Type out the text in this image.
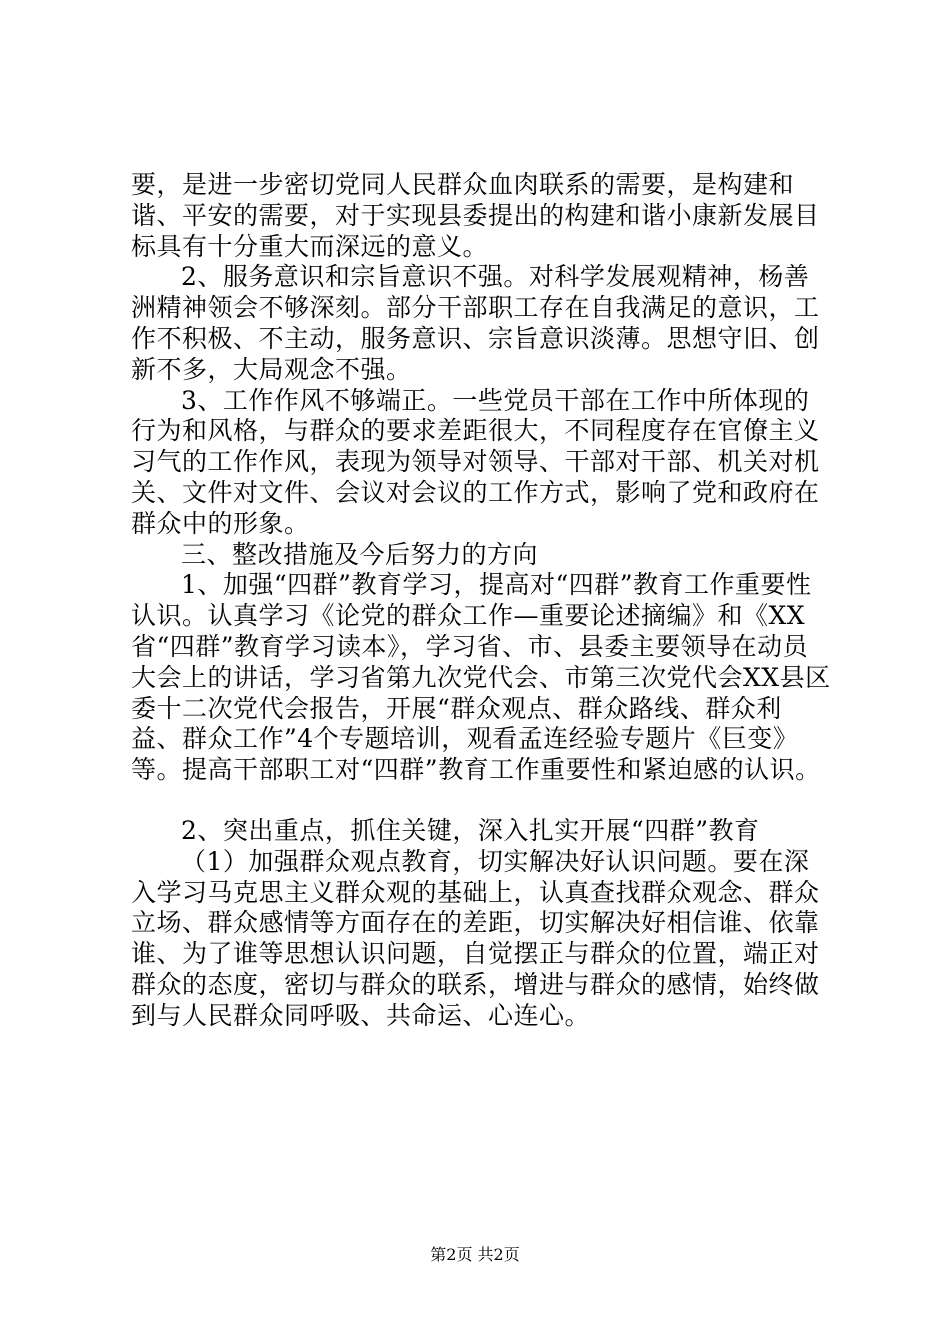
要，是进一步密切党同人民群众血肉联系的需要，是构建和谐、平安的需要，对于实现县委提出的构建和谐小康新发展目标具有十分重大而深远的意义。

2、服务意识和宗旨意识不强。对科学发展观精神，杨善洲精神领会不够深刻。部分干部职工存在自我满足的意识，工作不积极、不主动，服务意识、宗旨意识淡薄。思想守旧、创新不多，大局观念不强。

3、工作作风不够端正。一些党员干部在工作中所体现的行为和风格，与群众的要求差距很大，不同程度存在官僚主义习气的工作作风，表现为领导对领导、干部对干部、机关对机关、文件对文件、会议对会议的工作方式，影响了党和政府在群众中的形象。

三、整改措施及今后努力的方向

1、加强“四群”教育学习，提高对“四群”教育工作重要性认识。认真学习《论党的群众工作—重要论述摘编》和《XX省“四群”教育学习读本》，学习省、市、县委主要领导在动员大会上的讲话，学习省第九次党代会、市第三次党代会XX县区委十二次党代会报告，开展“群众观点、群众路线、群众利益、群众工作”4个专题培训，观看孟连经验专题片《巨变》等。提高干部职工对“四群”教育工作重要性和紧迫感的认识。

2、突出重点，抓住关键，深入扎实开展“四群”教育

（1）加强群众观点教育，切实解决好认识问题。要在深入学习马克思主义群众观的基础上，认真查找群众观念、群众立场、群众感情等方面存在的差距，切实解决好相信谁、依靠谁、为了谁等思想认识问题，自觉摆正与群众的位置，端正对群众的态度，密切与群众的联系，增进与群众的感情，始终做到与人民群众同呼吸、共命运、心连心。

第2页 共2页
